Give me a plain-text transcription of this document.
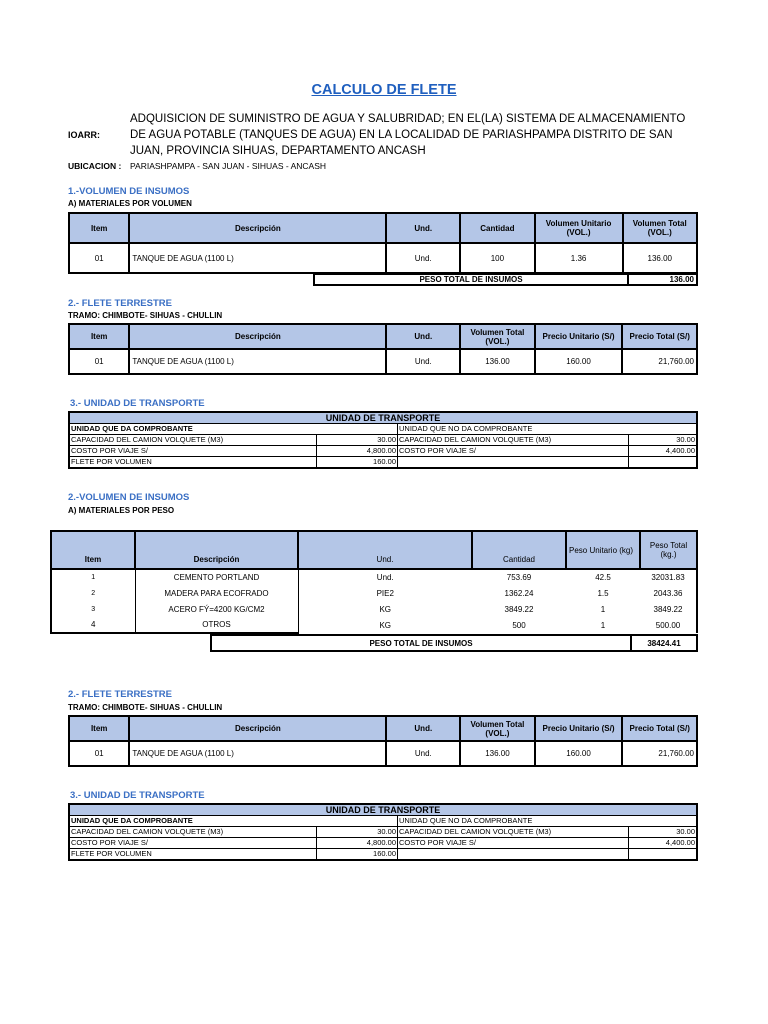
CALCULO DE FLETE
IOARR:
ADQUISICION DE SUMINISTRO DE AGUA Y SALUBRIDAD; EN EL(LA) SISTEMA DE ALMACENAMIENTO DE AGUA POTABLE (TANQUES DE AGUA) EN LA LOCALIDAD DE PARIASHPAMPA DISTRITO DE SAN JUAN, PROVINCIA SIHUAS, DEPARTAMENTO ANCASH
UBICACION : PARIASHPAMPA - SAN JUAN - SIHUAS - ANCASH
1.-VOLUMEN DE INSUMOS
A) MATERIALES POR VOLUMEN
Item	Descripción	Und.	Cantidad	Volumen Unitario (VOL.)	Volumen Total (VOL.)
01	TANQUE DE AGUA (1100 L)	Und.	100	1.36	136.00
PESO TOTAL DE INSUMOS	136.00
2.- FLETE TERRESTRE
TRAMO: CHIMBOTE- SIHUAS - CHULLIN
Item	Descripción	Und.	Volumen Total (VOL.)	Precio Unitario (S/)	Precio Total (S/)
01	TANQUE DE AGUA (1100 L)	Und.	136.00	160.00	21,760.00
3.- UNIDAD DE TRANSPORTE
UNIDAD DE TRANSPORTE			
UNIDAD QUE DA COMPROBANTE		UNIDAD QUE NO DA COMPROBANTE	
CAPACIDAD DEL CAMION VOLQUETE (M3)	30.00	CAPACIDAD DEL CAMION VOLQUETE (M3)	30.00
COSTO POR VIAJE S/	4,800.00	COSTO POR VIAJE S/	4,400.00
FLETE POR VOLUMEN	160.00		
2.-VOLUMEN DE INSUMOS
A) MATERIALES POR PESO
Item	Descripción	Und.	Cantidad	Peso Unitario (kg)	Peso Total (kg.)
1	CEMENTO PORTLAND	Und.	753.69	42.5	32031.83
2	MADERA PARA ECOFRADO	PIE2	1362.24	1.5	2043.36
3	ACERO FÝ=4200 KG/CM2	KG	3849.22	1	3849.22
4	OTROS	KG	500	1	500.00
PESO TOTAL DE INSUMOS	38424.41
2.- FLETE TERRESTRE
TRAMO: CHIMBOTE- SIHUAS - CHULLIN
Item	Descripción	Und.	Volumen Total (VOL.)	Precio Unitario (S/)	Precio Total (S/)
01	TANQUE DE AGUA (1100 L)	Und.	136.00	160.00	21,760.00
3.- UNIDAD DE TRANSPORTE
UNIDAD DE TRANSPORTE			
UNIDAD QUE DA COMPROBANTE		UNIDAD QUE NO DA COMPROBANTE	
CAPACIDAD DEL CAMION VOLQUETE (M3)	30.00	CAPACIDAD DEL CAMION VOLQUETE (M3)	30.00
COSTO POR VIAJE S/	4,800.00	COSTO POR VIAJE S/	4,400.00
FLETE POR VOLUMEN	160.00		
